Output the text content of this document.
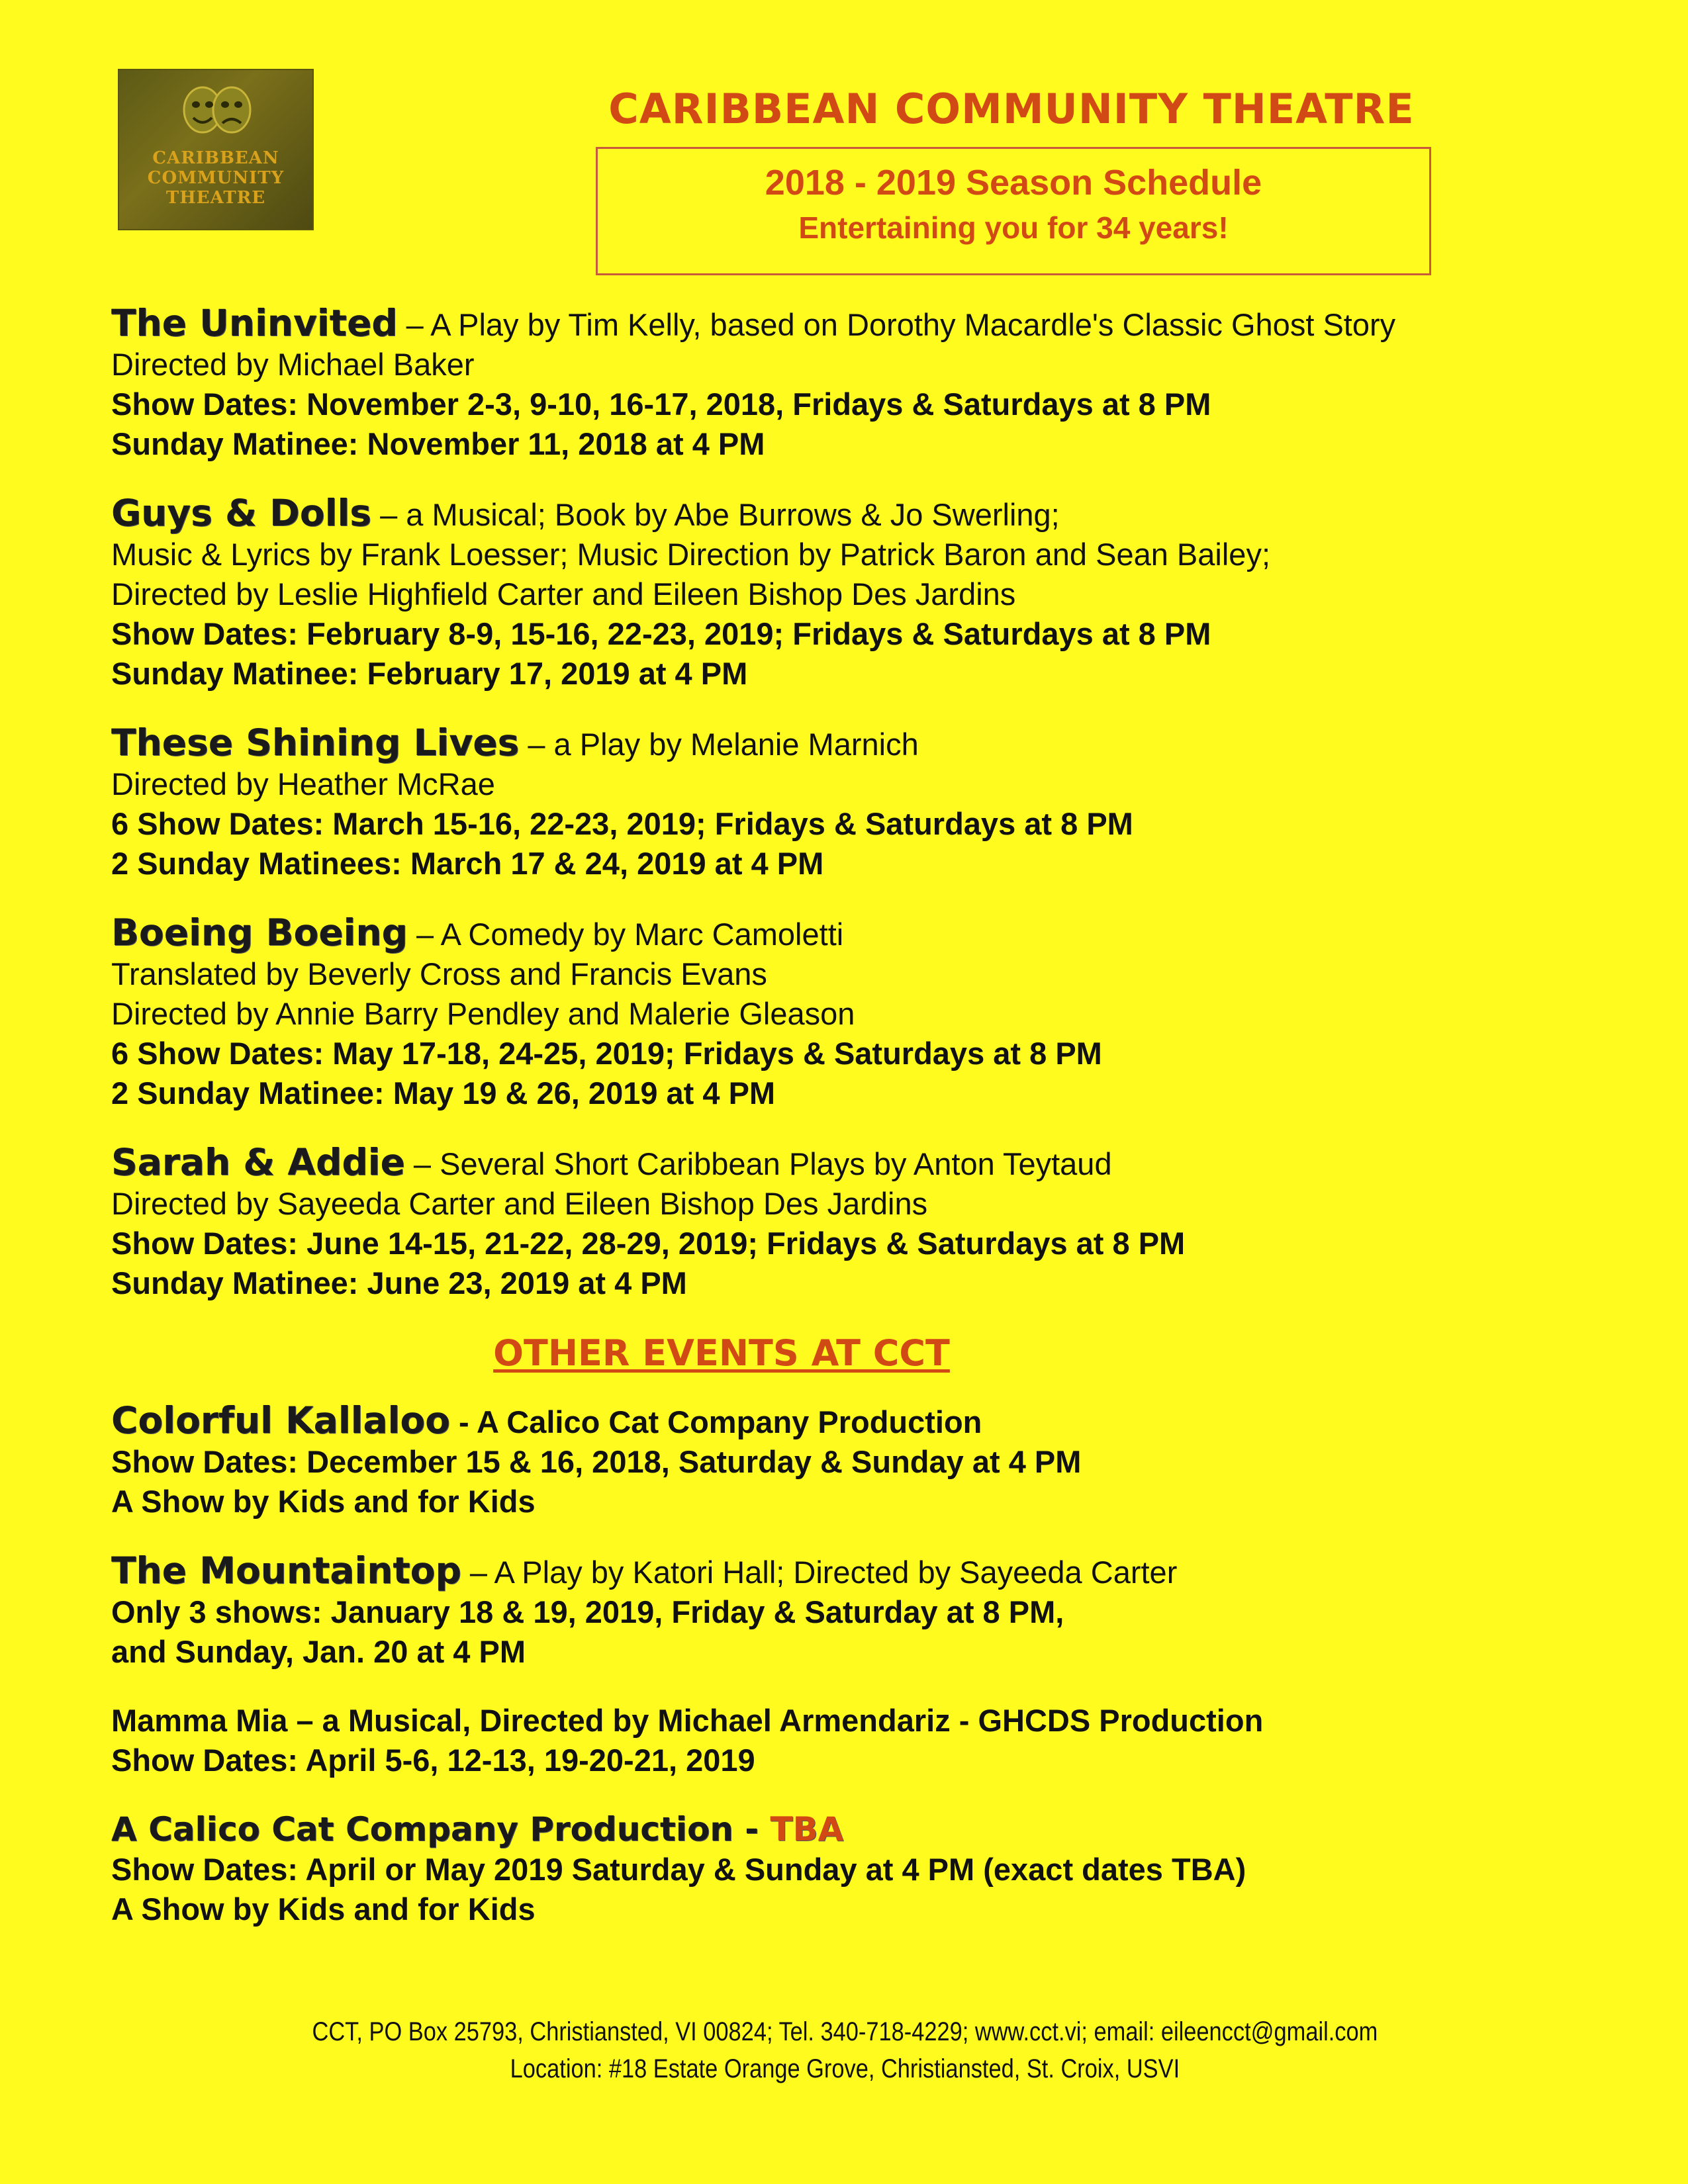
CARIBBEAN
COMMUNITY
THEATRE
CARIBBEAN COMMUNITY THEATRE
2018 - 2019 Season Schedule
Entertaining you for 34 years!
The Uninvited – A Play by Tim Kelly, based on Dorothy Macardle's Classic Ghost Story
Directed by Michael Baker
Show Dates: November 2-3, 9-10, 16-17, 2018, Fridays & Saturdays at 8 PM
Sunday Matinee: November 11, 2018 at 4 PM
Guys & Dolls – a Musical; Book by Abe Burrows & Jo Swerling;
Music & Lyrics by Frank Loesser; Music Direction by Patrick Baron and Sean Bailey;
Directed by Leslie Highfield Carter and Eileen Bishop Des Jardins
Show Dates: February 8-9, 15-16, 22-23, 2019; Fridays & Saturdays at 8 PM
Sunday Matinee: February 17, 2019 at 4 PM
These Shining Lives – a Play by Melanie Marnich
Directed by Heather McRae
6 Show Dates: March 15-16, 22-23, 2019; Fridays & Saturdays at 8 PM
2 Sunday Matinees: March 17 & 24, 2019 at 4 PM
Boeing Boeing – A Comedy by Marc Camoletti
Translated by Beverly Cross and Francis Evans
Directed by Annie Barry Pendley and Malerie Gleason
6 Show Dates: May 17-18, 24-25, 2019; Fridays & Saturdays at 8 PM
2 Sunday Matinee: May 19 & 26, 2019 at 4 PM
Sarah & Addie – Several Short Caribbean Plays by Anton Teytaud
Directed by Sayeeda Carter and Eileen Bishop Des Jardins
Show Dates: June 14-15, 21-22, 28-29, 2019; Fridays & Saturdays at 8 PM
Sunday Matinee: June 23, 2019 at 4 PM
OTHER EVENTS AT CCT
Colorful Kallaloo - A Calico Cat Company Production
Show Dates: December 15 & 16, 2018, Saturday & Sunday at 4 PM
A Show by Kids and for Kids
The Mountaintop – A Play by Katori Hall; Directed by Sayeeda Carter
Only 3 shows: January 18 & 19, 2019, Friday & Saturday at 8 PM,
and Sunday, Jan. 20 at 4 PM
Mamma Mia – a Musical, Directed by Michael Armendariz - GHCDS Production
Show Dates: April 5-6, 12-13, 19-20-21, 2019
A Calico Cat Company Production - TBA
Show Dates: April or May 2019 Saturday & Sunday at 4 PM (exact dates TBA)
A Show by Kids and for Kids
CCT, PO Box 25793, Christiansted, VI 00824; Tel. 340-718-4229; www.cct.vi; email: eileencct@gmail.com
Location: #18 Estate Orange Grove, Christiansted, St. Croix, USVI
